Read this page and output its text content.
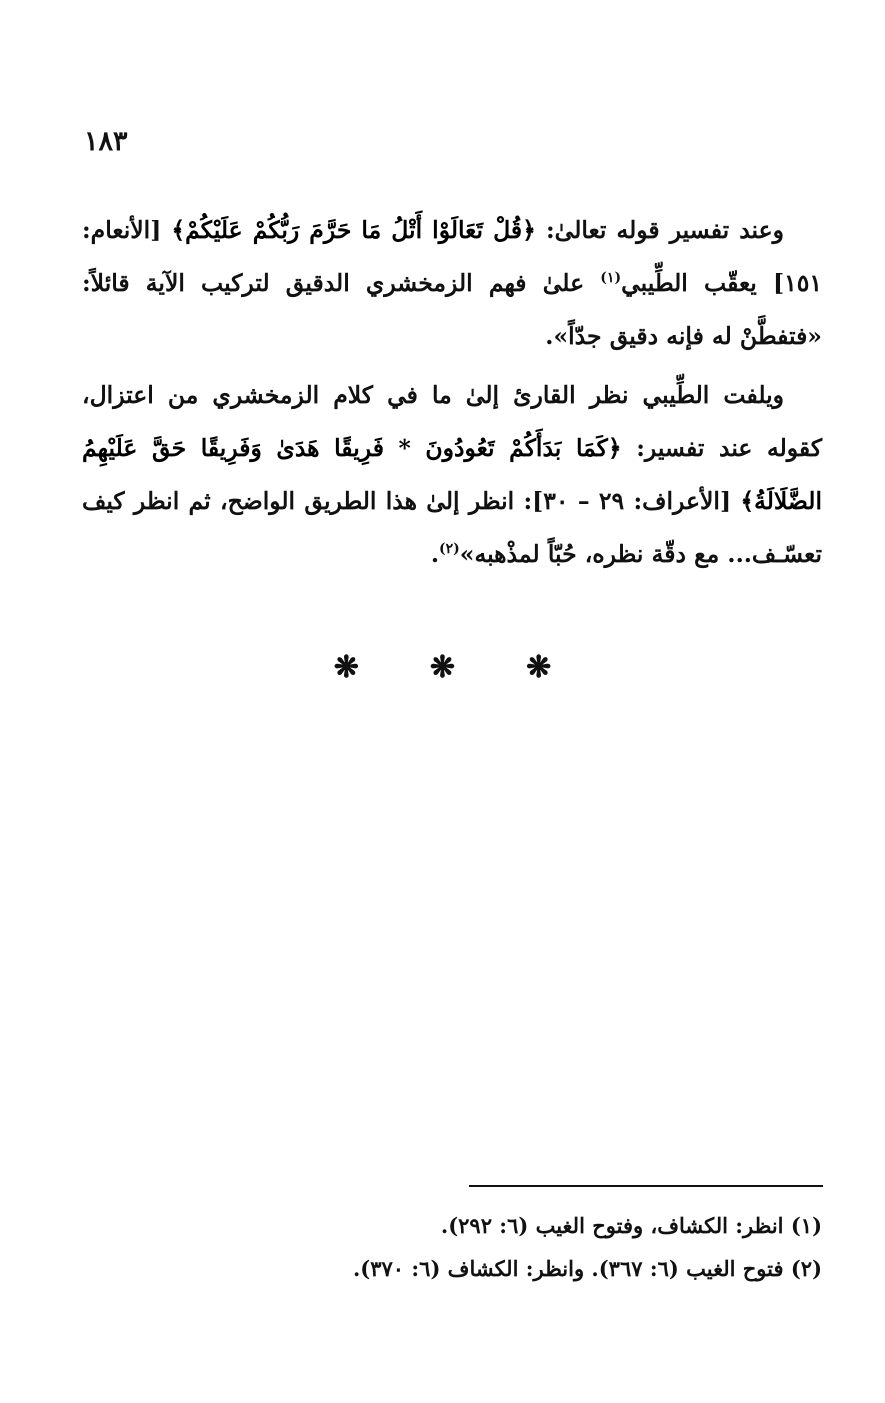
١٨٣

وعند تفسير قوله تعالىٰ: ﴿قُلْ تَعَالَوْا أَتْلُ مَا حَرَّمَ رَبُّكُمْ عَلَيْكُمْ﴾ [الأنعام: ١٥١] يعقّب الطِّيبي$^{(١)}$ علىٰ فهم الزمخشري الدقيق لتركيب الآية قائلاً: «فتفطَّنْ له فإنه دقيق جدّاً».

ويلفت الطِّيبي نظر القارئ إلىٰ ما في كلام الزمخشري من اعتزال، كقوله عند تفسير: ﴿كَمَا بَدَأَكُمْ تَعُودُونَ * فَرِيقًا هَدَىٰ وَفَرِيقًا حَقَّ عَلَيْهِمُ الضَّلَالَةُ﴾ [الأعراف: ٢٩ – ٣٠]: انظر إلىٰ هذا الطريق الواضح، ثم انظر كيف تعسّـف... مع دقّة نظره، حُبّاً لمذْهبه»$^{(٢)}$.

❋ ❋ ❋
(١) انظر: الكشاف، وفتوح الغيب (٦: ٢٩٢).
(٢) فتوح الغيب (٦: ٣٦٧). وانظر: الكشاف (٦: ٣٧٠).
